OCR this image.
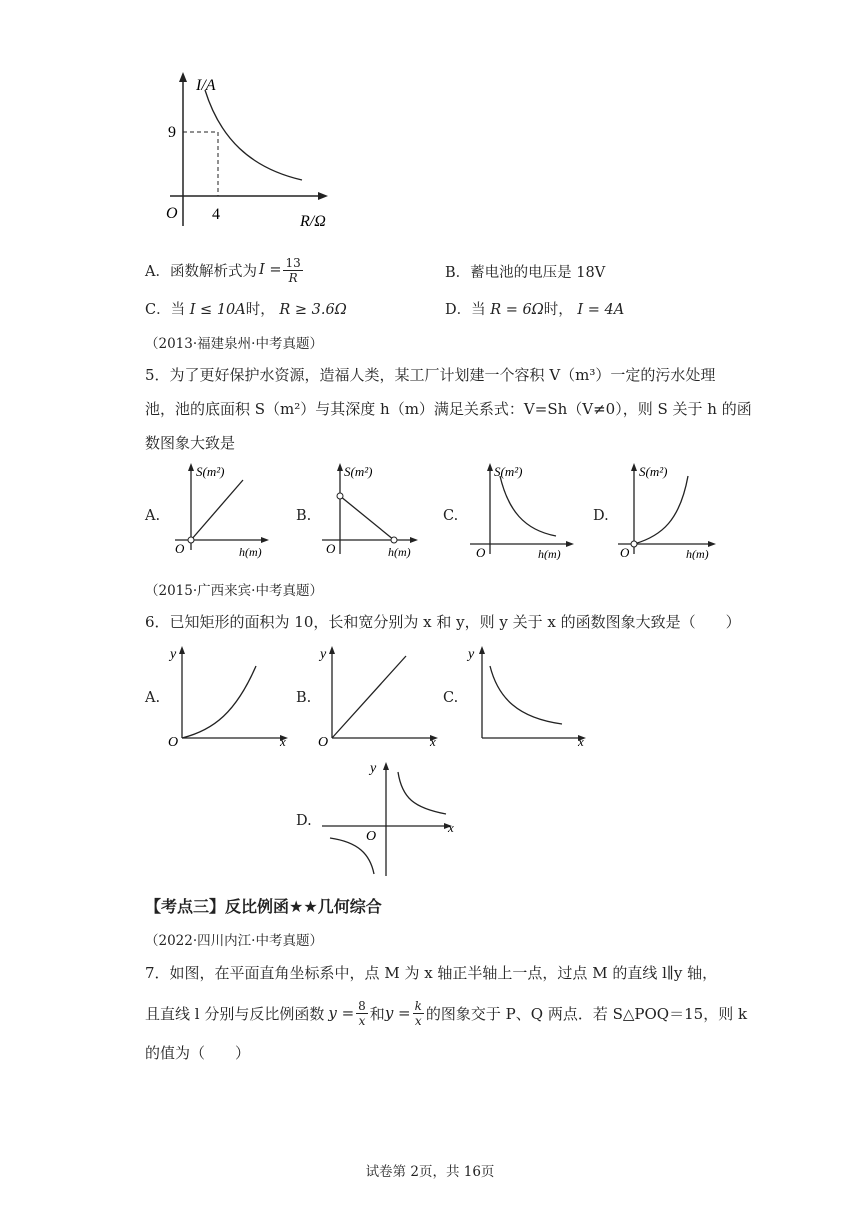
I/A
R/Ω
O 4
9
A．函数解析式为 $I = \frac{13}{R}$	B．蓄电池的电压是 18V
C．当 I ≤ 10A时， R ≥ 3.6Ω	D．当 R = 6Ω时， I = 4A
（2013·福建泉州·中考真题）
5．为了更好保护水资源，造福人类，某工厂计划建一个容积 V（m³）一定的污水处理
池，池的底面积 S（m²）与其深度 h（m）满足关系式：V=Sh（V≠0），则 S 关于 h 的函
数图象大致是
A.
S(m²)
h(m)
O
B.
S(m²)
h(m)
O
C.
S(m²)
h(m)
O
D.
S(m²)
h(m)
O
（2015·广西来宾·中考真题）
6．已知矩形的面积为 10，长和宽分别为 x 和 y，则 y 关于 x 的函数图象大致是（　　）
A.
y
x
O
B.
y
x
O
C.
y
x
D.
y
x
O
【考点三】反比例函★★几何综合
（2022·四川内江·中考真题）
7．如图，在平面直角坐标系中，点 M 为 x 轴正半轴上一点，过点 M 的直线 l∥y 轴，
且直线 l 分别与反比例函数 $y = \frac{8}{x}$ 和 $y = \frac{k}{x}$ 的图象交于 P、Q 两点．若 S△POQ＝15，则 k
的值为（　　）
试卷第 2页，共 16页
